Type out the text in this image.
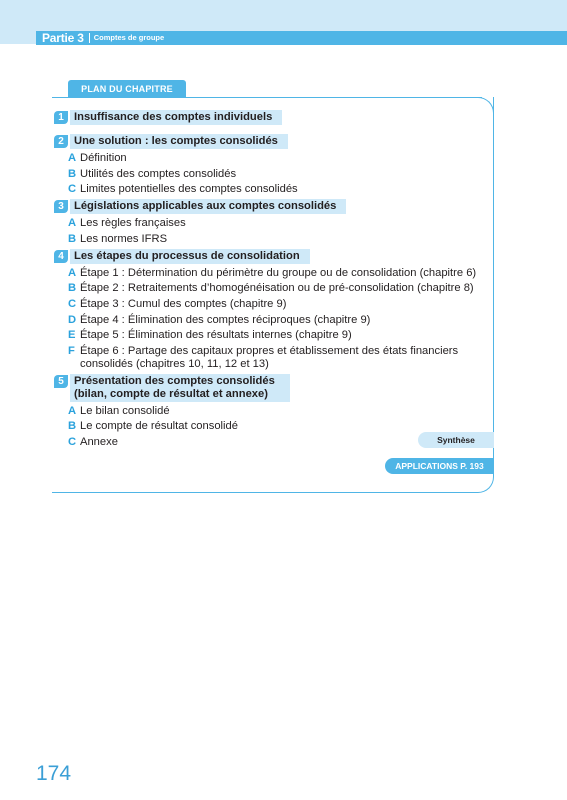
Partie 3	Comptes de groupe
PLAN DU CHAPITRE
1 Insuffisance des comptes individuels
2 Une solution : les comptes consolidés
A Définition
B Utilités des comptes consolidés
C Limites potentielles des comptes consolidés
3 Législations applicables aux comptes consolidés
A Les règles françaises
B Les normes IFRS
4 Les étapes du processus de consolidation
A Étape 1 : Détermination du périmètre du groupe ou de consolidation (chapitre 6)
B Étape 2 : Retraitements d’homogénéisation ou de pré-consolidation (chapitre 8)
C Étape 3 : Cumul des comptes (chapitre 9)
D Étape 4 : Élimination des comptes réciproques (chapitre 9)
E Étape 5 : Élimination des résultats internes (chapitre 9)
F Étape 6 : Partage des capitaux propres et établissement des états financiers consolidés (chapitres 10, 11, 12 et 13)
5 Présentation des comptes consolidés (bilan, compte de résultat et annexe)
A Le bilan consolidé
B Le compte de résultat consolidé
C Annexe	Synthèse
APPLICATIONS P. 193
174
